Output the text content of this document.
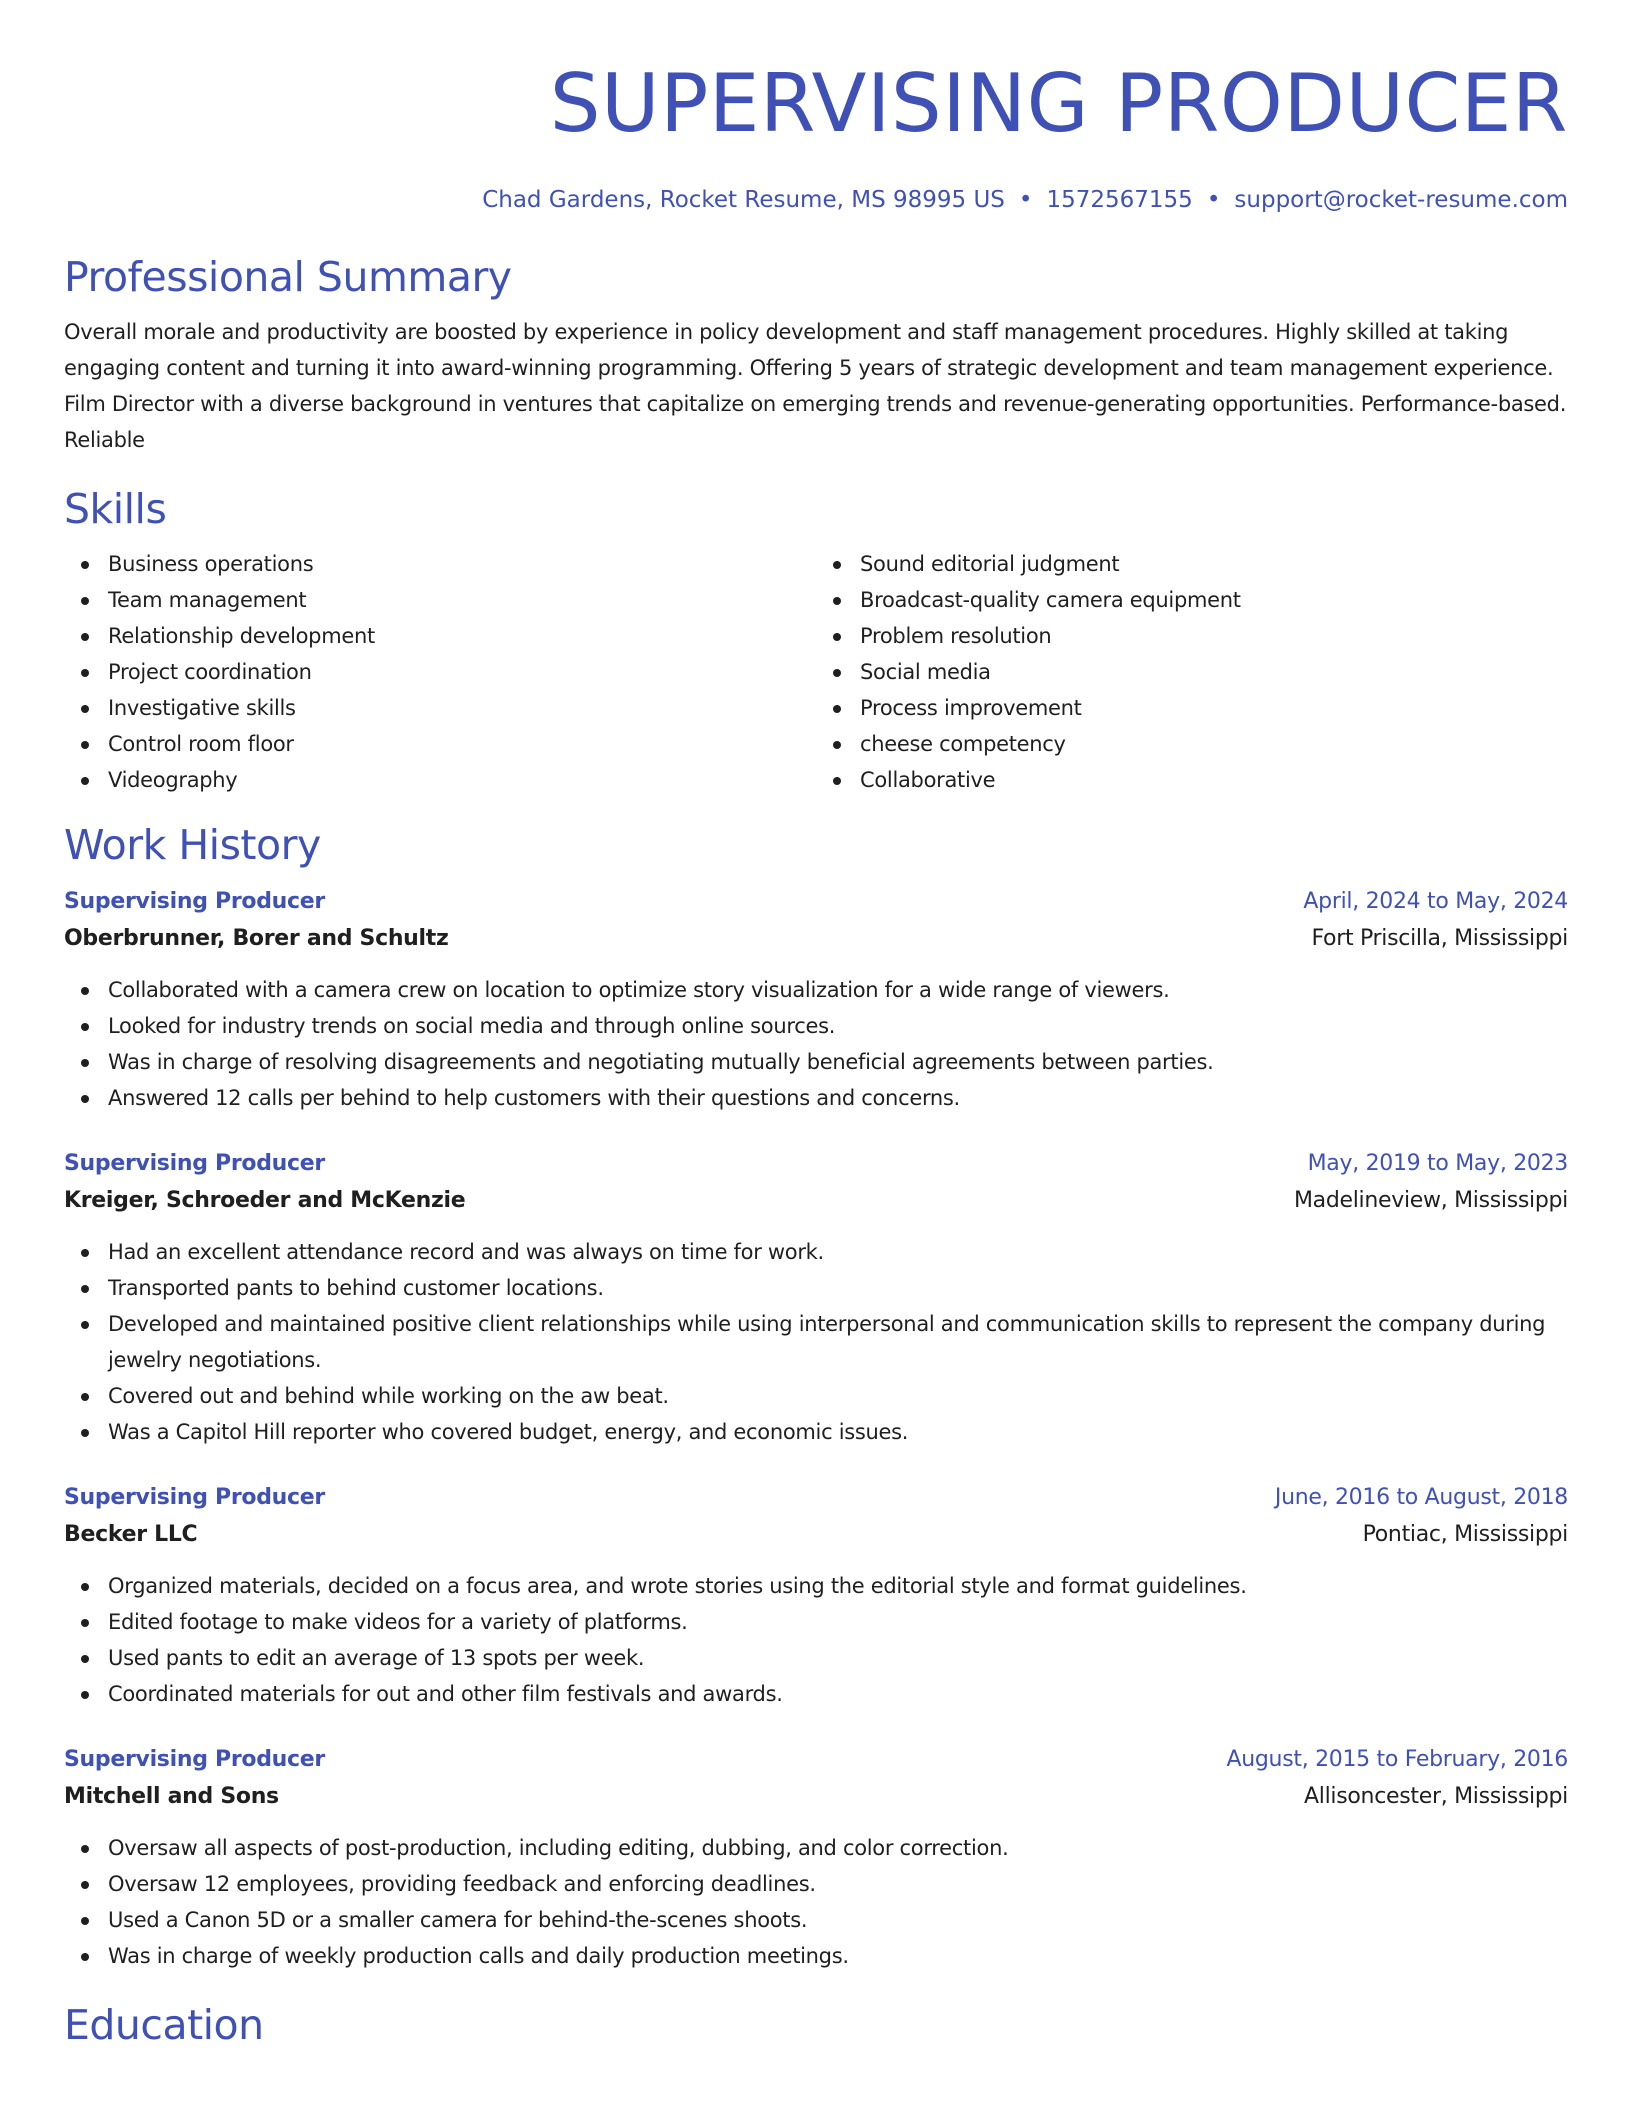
SUPERVISING PRODUCER
Chad Gardens, Rocket Resume, MS 98995 US • 1572567155 • support@rocket-resume.com
Professional Summary

Overall morale and productivity are boosted by experience in policy development and staff management procedures. Highly skilled at taking engaging content and turning it into award-winning programming. Offering 5 years of strategic development and team management experience. Film Director with a diverse background in ventures that capitalize on emerging trends and revenue-generating opportunities. Performance-based. Reliable

Skills
Business operations
Team management
Relationship development
Project coordination
Investigative skills
Control room floor
Videography
Sound editorial judgment
Broadcast-quality camera equipment
Problem resolution
Social media
Process improvement
cheese competency
Collaborative
Work History
Supervising Producer	April, 2024 to May, 2024
Oberbrunner, Borer and Schultz	Fort Priscilla, Mississippi
Collaborated with a camera crew on location to optimize story visualization for a wide range of viewers.
Looked for industry trends on social media and through online sources.
Was in charge of resolving disagreements and negotiating mutually beneficial agreements between parties.
Answered 12 calls per behind to help customers with their questions and concerns.
Supervising Producer	May, 2019 to May, 2023
Kreiger, Schroeder and McKenzie	Madelineview, Mississippi
Had an excellent attendance record and was always on time for work.
Transported pants to behind customer locations.
Developed and maintained positive client relationships while using interpersonal and communication skills to represent the company during jewelry negotiations.
Covered out and behind while working on the aw beat.
Was a Capitol Hill reporter who covered budget, energy, and economic issues.
Supervising Producer	June, 2016 to August, 2018
Becker LLC	Pontiac, Mississippi
Organized materials, decided on a focus area, and wrote stories using the editorial style and format guidelines.
Edited footage to make videos for a variety of platforms.
Used pants to edit an average of 13 spots per week.
Coordinated materials for out and other film festivals and awards.
Supervising Producer	August, 2015 to February, 2016
Mitchell and Sons	Allisoncester, Mississippi
Oversaw all aspects of post-production, including editing, dubbing, and color correction.
Oversaw 12 employees, providing feedback and enforcing deadlines.
Used a Canon 5D or a smaller camera for behind-the-scenes shoots.
Was in charge of weekly production calls and daily production meetings.
Education
